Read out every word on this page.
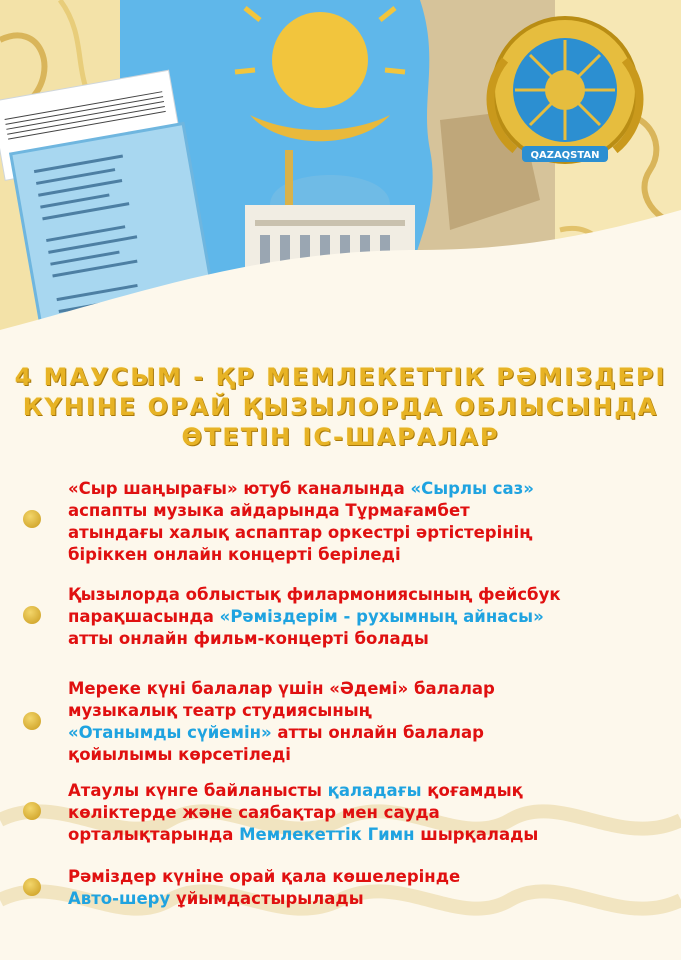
QAZAQSTAN
4 МАУСЫМ - ҚР МЕМЛЕКЕТТІК РӘМІЗДЕРІ
КҮНІНЕ ОРАЙ ҚЫЗЫЛОРДА ОБЛЫСЫНДА
ӨТЕТІН ІС-ШАРАЛАР
«Сыр шаңырағы» ютуб каналында «Сырлы саз»
аспапты музыка айдарында Тұрмағамбет
атындағы халық аспаптар оркестрі әртістерінің
біріккен онлайн концерті беріледі
Қызылорда облыстық филармониясының фейсбук
парақшасында «Рәміздерім - рухымның айнасы»
атты онлайн фильм-концерті болады
Мереке күні балалар үшін «Әдемі» балалар
музыкалық театр студиясының
«Отанымды сүйемін» атты онлайн балалар
қойылымы көрсетіледі
Атаулы күнге байланысты қаладағы қоғамдық
көліктерде және саябақтар мен сауда
орталықтарында Мемлекеттік Гимн шырқалады
Рәміздер күніне орай қала көшелерінде
Авто-шеру ұйымдастырылады
